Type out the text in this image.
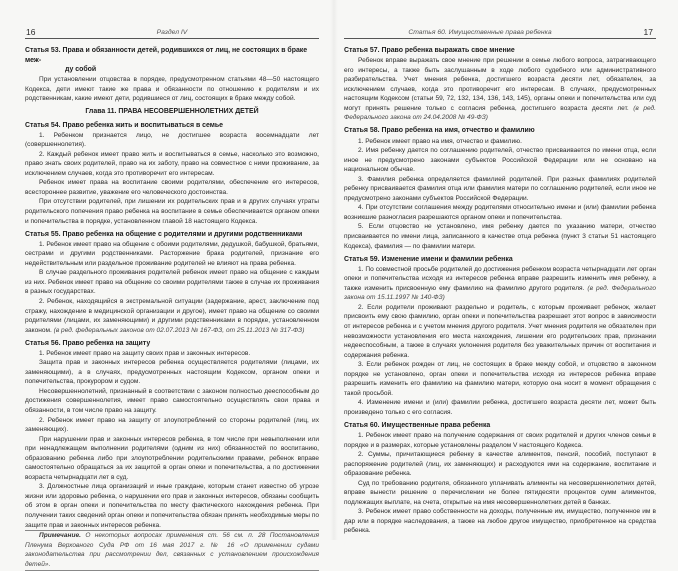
16	Раздел IV
Статья 53. Права и обязанности детей, родившихся от лиц, не состоящих в браке меж-
ду собой

При установлении отцовства в порядке, предусмотренном статьями 48—50 настоящего Кодекса, дети имеют такие же права и обязанности по отношению к родителям и их родственникам, какие имеют дети, родившиеся от лиц, состоящих в браке между собой.

Глава 11. ПРАВА НЕСОВЕРШЕННОЛЕТНИХ ДЕТЕЙ
Статья 54. Право ребенка жить и воспитываться в семье

1. Ребенком признается лицо, не достигшее возраста восемнадцати лет (совершеннолетия).

2. Каждый ребенок имеет право жить и воспитываться в семье, насколько это возможно, право знать своих родителей, право на их заботу, право на совместное с ними проживание, за исключением случаев, когда это противоречит его интересам.

Ребенок имеет права на воспитание своими родителями, обеспечение его интересов, всестороннее развитие, уважение его человеческого достоинства.

При отсутствии родителей, при лишении их родительских прав и в других случаях утраты родительского попечения право ребенка на воспитание в семье обеспечивается органом опеки и попечительства в порядке, установленном главой 18 настоящего Кодекса.

Статья 55. Право ребенка на общение с родителями и другими родственниками

1. Ребенок имеет право на общение с обоими родителями, дедушкой, бабушкой, братьями, сестрами и другими родственниками. Расторжение брака родителей, признание его недействительным или раздельное проживание родителей не влияют на права ребенка.

В случае раздельного проживания родителей ребенок имеет право на общение с каждым из них. Ребенок имеет право на общение со своими родителями также в случае их проживания в разных государствах.

2. Ребенок, находящийся в экстремальной ситуации (задержание, арест, заключение под стражу, нахождение в медицинской организации и другое), имеет право на общение со своими родителями (лицами, их заменяющими) и другими родственниками в порядке, установленном законом. (в ред. федеральных законов от 02.07.2013 № 167-ФЗ, от 25.11.2013 № 317-ФЗ)

Статья 56. Право ребенка на защиту

1. Ребенок имеет право на защиту своих прав и законных интересов.

Защита прав и законных интересов ребенка осуществляется родителями (лицами, их заменяющими), а в случаях, предусмотренных настоящим Кодексом, органом опеки и попечительства, прокурором и судом.

Несовершеннолетний, признанный в соответствии с законом полностью дееспособным до достижения совершеннолетия, имеет право самостоятельно осуществлять свои права и обязанности, в том числе право на защиту.

2. Ребенок имеет право на защиту от злоупотреблений со стороны родителей (лиц, их заменяющих).

При нарушении прав и законных интересов ребенка, в том числе при невыполнении или при ненадлежащем выполнении родителями (одним из них) обязанностей по воспитанию, образованию ребенка либо при злоупотреблении родительскими правами, ребенок вправе самостоятельно обращаться за их защитой в орган опеки и попечительства, а по достижении возраста четырнадцати лет в суд.

3. Должностные лица организаций и иные граждане, которым станет известно об угрозе жизни или здоровью ребенка, о нарушении его прав и законных интересов, обязаны сообщить об этом в орган опеки и попечительства по месту фактического нахождения ребенка. При получении таких сведений орган опеки и попечительства обязан принять необходимые меры по защите прав и законных интересов ребенка.

Примечание. О некоторых вопросах применения ст. 56 см. п. 28 Постановления Пленума Верховного Суда РФ от 16 мая 2017 г. № 16 «О применении судами законодательства при рассмотрении дел, связанных с установлением происхождения детей».

Статья 60. Имущественные права ребенка	17
Статья 57. Право ребенка выражать свое мнение

Ребенок вправе выражать свое мнение при решении в семье любого вопроса, затрагивающего его интересы, а также быть заслушанным в ходе любого судебного или административного разбирательства. Учет мнения ребенка, достигшего возраста десяти лет, обязателен, за исключением случаев, когда это противоречит его интересам. В случаях, предусмотренных настоящим Кодексом (статьи 59, 72, 132, 134, 136, 143, 145), органы опеки и попечительства или суд могут принять решение только с согласия ребенка, достигшего возраста десяти лет. (в ред. Федерального закона от 24.04.2008 № 49-ФЗ)

Статья 58. Право ребенка на имя, отчество и фамилию

1. Ребенок имеет право на имя, отчество и фамилию.

2. Имя ребенку дается по соглашению родителей, отчество присваивается по имени отца, если иное не предусмотрено законами субъектов Российской Федерации или не основано на национальном обычае.

3. Фамилия ребенка определяется фамилией родителей. При разных фамилиях родителей ребенку присваивается фамилия отца или фамилия матери по соглашению родителей, если иное не предусмотрено законами субъектов Российской Федерации.

4. При отсутствии соглашения между родителями относительно имени и (или) фамилии ребенка возникшие разногласия разрешаются органом опеки и попечительства.

5. Если отцовство не установлено, имя ребенку дается по указанию матери, отчество присваивается по имени лица, записанного в качестве отца ребенка (пункт 3 статьи 51 настоящего Кодекса), фамилия — по фамилии матери.

Статья 59. Изменение имени и фамилии ребенка

1. По совместной просьбе родителей до достижения ребенком возраста четырнадцати лет орган опеки и попечительства исходя из интересов ребенка вправе разрешить изменить имя ребенку, а также изменить присвоенную ему фамилию на фамилию другого родителя. (в ред. Федерального закона от 15.11.1997 № 140-ФЗ)

2. Если родители проживают раздельно и родитель, с которым проживает ребенок, желает присвоить ему свою фамилию, орган опеки и попечительства разрешает этот вопрос в зависимости от интересов ребенка и с учетом мнения другого родителя. Учет мнения родителя не обязателен при невозможности установления его места нахождения, лишении его родительских прав, признании недееспособным, а также в случаях уклонения родителя без уважительных причин от воспитания и содержания ребенка.

3. Если ребенок рожден от лиц, не состоящих в браке между собой, и отцовство в законном порядке не установлено, орган опеки и попечительства исходя из интересов ребенка вправе разрешить изменить его фамилию на фамилию матери, которую она носит в момент обращения с такой просьбой.

4. Изменение имени и (или) фамилии ребенка, достигшего возраста десяти лет, может быть произведено только с его согласия.

Статья 60. Имущественные права ребенка

1. Ребенок имеет право на получение содержания от своих родителей и других членов семьи в порядке и в размерах, которые установлены разделом V настоящего Кодекса.

2. Суммы, причитающиеся ребенку в качестве алиментов, пенсий, пособий, поступают в распоряжение родителей (лиц, их заменяющих) и расходуются ими на содержание, воспитание и образование ребенка.

Суд по требованию родителя, обязанного уплачивать алименты на несовершеннолетних детей, вправе вынести решение о перечислении не более пятидесяти процентов сумм алиментов, подлежащих выплате, на счета, открытые на имя несовершеннолетних детей в банках.

3. Ребенок имеет право собственности на доходы, полученные им, имущество, полученное им в дар или в порядке наследования, а также на любое другое имущество, приобретенное на средства ребенка.
